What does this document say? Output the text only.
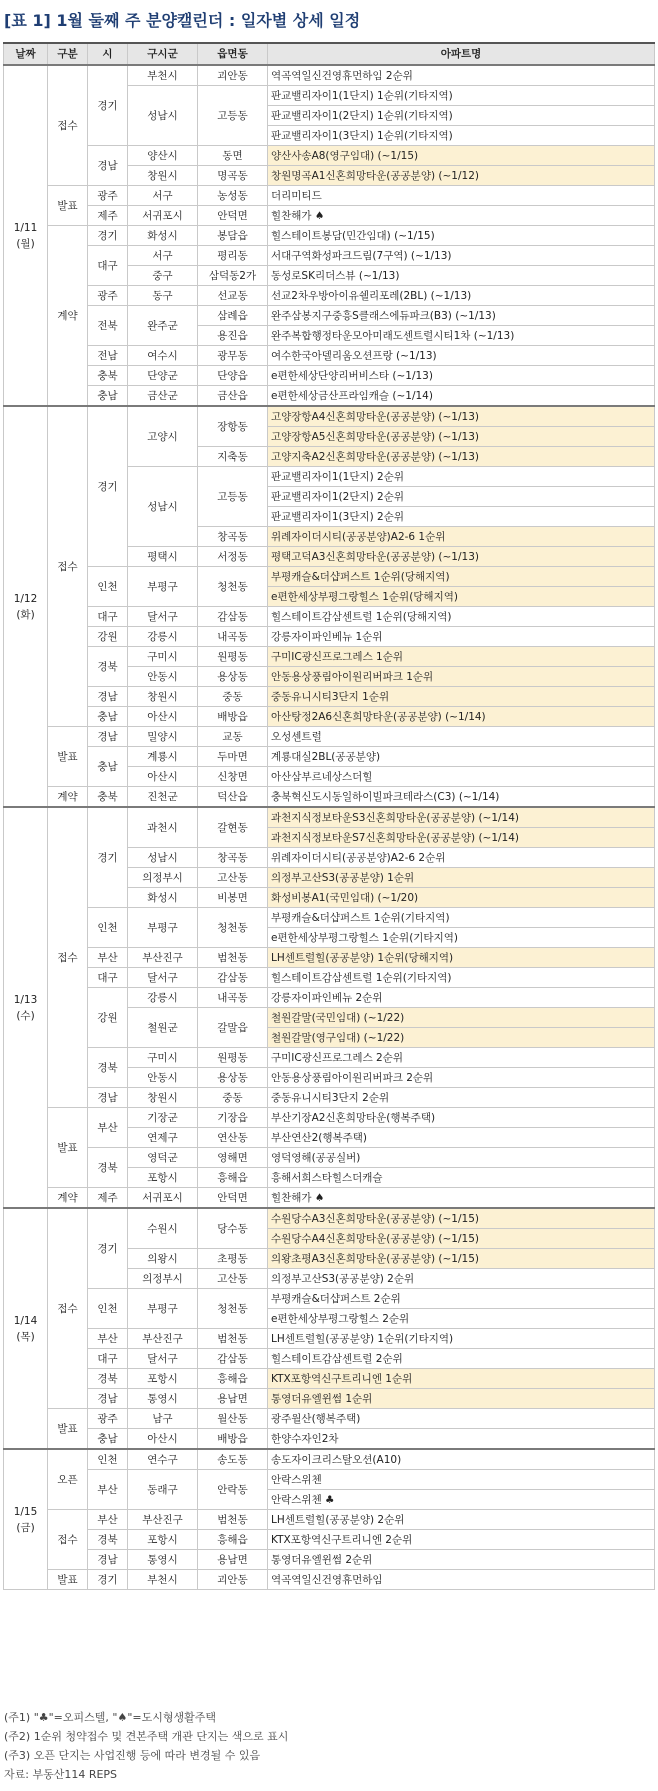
[표 1] 1월 둘째 주 분양캘린더 : 일자별 상세 일정
날짜	구분	시	구시군	읍면동	아파트명
1/11
(월)	접수	경기	부천시	괴안동	역곡역일신건영휴먼하임 2순위
			성남시	고등동	판교밸리자이1(1단지) 1순위(기타지역)
					판교밸리자이1(2단지) 1순위(기타지역)
					판교밸리자이1(3단지) 1순위(기타지역)
		경남	양산시	동면	양산사송A8(영구임대) (~1/15)
			창원시	명곡동	창원명곡A1신혼희망타운(공공분양) (~1/12)
	발표	광주	서구	농성동	더리미티드
		제주	서귀포시	안덕면	힐찬해가 ♠
	계약	경기	화성시	봉담읍	힐스테이트봉담(민간임대) (~1/15)
		대구	서구	평리동	서대구역화성파크드림(7구역) (~1/13)
			중구	삼덕동2가	동성로SK리더스뷰 (~1/13)
		광주	동구	선교동	선교2차우방아이유쉘리포레(2BL) (~1/13)
		전북	완주군	삼례읍	완주삼봉지구중흥S클래스에듀파크(B3) (~1/13)
				용진읍	완주복합행정타운모아미래도센트럴시티1차 (~1/13)
		전남	여수시	광무동	여수한국아델리움오션프랑 (~1/13)
		충북	단양군	단양읍	e편한세상단양리버비스타 (~1/13)
		충남	금산군	금산읍	e편한세상금산프라임캐슬 (~1/14)
1/12
(화)	접수	경기	고양시	장항동	고양장항A4신혼희망타운(공공분양) (~1/13)
					고양장항A5신혼희망타운(공공분양) (~1/13)
				지축동	고양지축A2신혼희망타운(공공분양) (~1/13)
			성남시	고등동	판교밸리자이1(1단지) 2순위
					판교밸리자이1(2단지) 2순위
					판교밸리자이1(3단지) 2순위
				창곡동	위례자이더시티(공공분양)A2-6 1순위
			평택시	서정동	평택고덕A3신혼희망타운(공공분양) (~1/13)
		인천	부평구	청천동	부평캐슬&더샵퍼스트 1순위(당해지역)
					e편한세상부평그랑힐스 1순위(당해지역)
		대구	달서구	감삼동	힐스테이트감삼센트럴 1순위(당해지역)
		강원	강릉시	내곡동	강릉자이파인베뉴 1순위
		경북	구미시	원평동	구미IC광신프로그레스 1순위
			안동시	용상동	안동용상풍림아이원리버파크 1순위
		경남	창원시	중동	중동유니시티3단지 1순위
		충남	아산시	배방읍	아산탕정2A6신혼희망타운(공공분양) (~1/14)
	발표	경남	밀양시	교동	오성센트럴
		충남	계룡시	두마면	계룡대실2BL(공공분양)
			아산시	신창면	아산삼부르네상스더힐
	계약	충북	진천군	덕산읍	충북혁신도시동일하이빌파크테라스(C3) (~1/14)
1/13
(수)	접수	경기	과천시	갈현동	과천지식정보타운S3신혼희망타운(공공분양) (~1/14)
					과천지식정보타운S7신혼희망타운(공공분양) (~1/14)
			성남시	창곡동	위례자이더시티(공공분양)A2-6 2순위
			의정부시	고산동	의정부고산S3(공공분양) 1순위
			화성시	비봉면	화성비봉A1(국민임대) (~1/20)
		인천	부평구	청천동	부평캐슬&더샵퍼스트 1순위(기타지역)
					e편한세상부평그랑힐스 1순위(기타지역)
		부산	부산진구	범천동	LH센트럴힐(공공분양) 1순위(당해지역)
		대구	달서구	감삼동	힐스테이트감삼센트럴 1순위(기타지역)
		강원	강릉시	내곡동	강릉자이파인베뉴 2순위
			철원군	갈말읍	철원갈말(국민임대) (~1/22)
					철원갈말(영구임대) (~1/22)
		경북	구미시	원평동	구미IC광신프로그레스 2순위
			안동시	용상동	안동용상풍림아이원리버파크 2순위
		경남	창원시	중동	중동유니시티3단지 2순위
	발표	부산	기장군	기장읍	부산기장A2신혼희망타운(행복주택)
			연제구	연산동	부산연산2(행복주택)
		경북	영덕군	영해면	영덕영해(공공실버)
			포항시	흥해읍	흥해서희스타힐스더캐슬
	계약	제주	서귀포시	안덕면	힐찬해가 ♠
1/14
(목)	접수	경기	수원시	당수동	수원당수A3신혼희망타운(공공분양) (~1/15)
					수원당수A4신혼희망타운(공공분양) (~1/15)
			의왕시	초평동	의왕초평A3신혼희망타운(공공분양) (~1/15)
			의정부시	고산동	의정부고산S3(공공분양) 2순위
		인천	부평구	청천동	부평캐슬&더샵퍼스트 2순위
					e편한세상부평그랑힐스 2순위
		부산	부산진구	범천동	LH센트럴힐(공공분양) 1순위(기타지역)
		대구	달서구	감삼동	힐스테이트감삼센트럴 2순위
		경북	포항시	흥해읍	KTX포항역신구트리니엔 1순위
		경남	통영시	용남면	통영더유엘윈썸 1순위
	발표	광주	남구	월산동	광주월산(행복주택)
		충남	아산시	배방읍	한양수자인2차
1/15
(금)	오픈	인천	연수구	송도동	송도자이크리스탈오션(A10)
		부산	동래구	안락동	안락스위첸
					안락스위첸 ♣
	접수	부산	부산진구	범천동	LH센트럴힐(공공분양) 2순위
		경북	포항시	흥해읍	KTX포항역신구트리니엔 2순위
		경남	통영시	용남면	통영더유엘윈썸 2순위
	발표	경기	부천시	괴안동	역곡역일신건영휴먼하임
(주1) "♣"=오피스텔, "♠"=도시형생활주택
(주2) 1순위 청약접수 및 견본주택 개관 단지는 색으로 표시
(주3) 오픈 단지는 사업진행 등에 따라 변경될 수 있음
자료: 부동산114 REPS
